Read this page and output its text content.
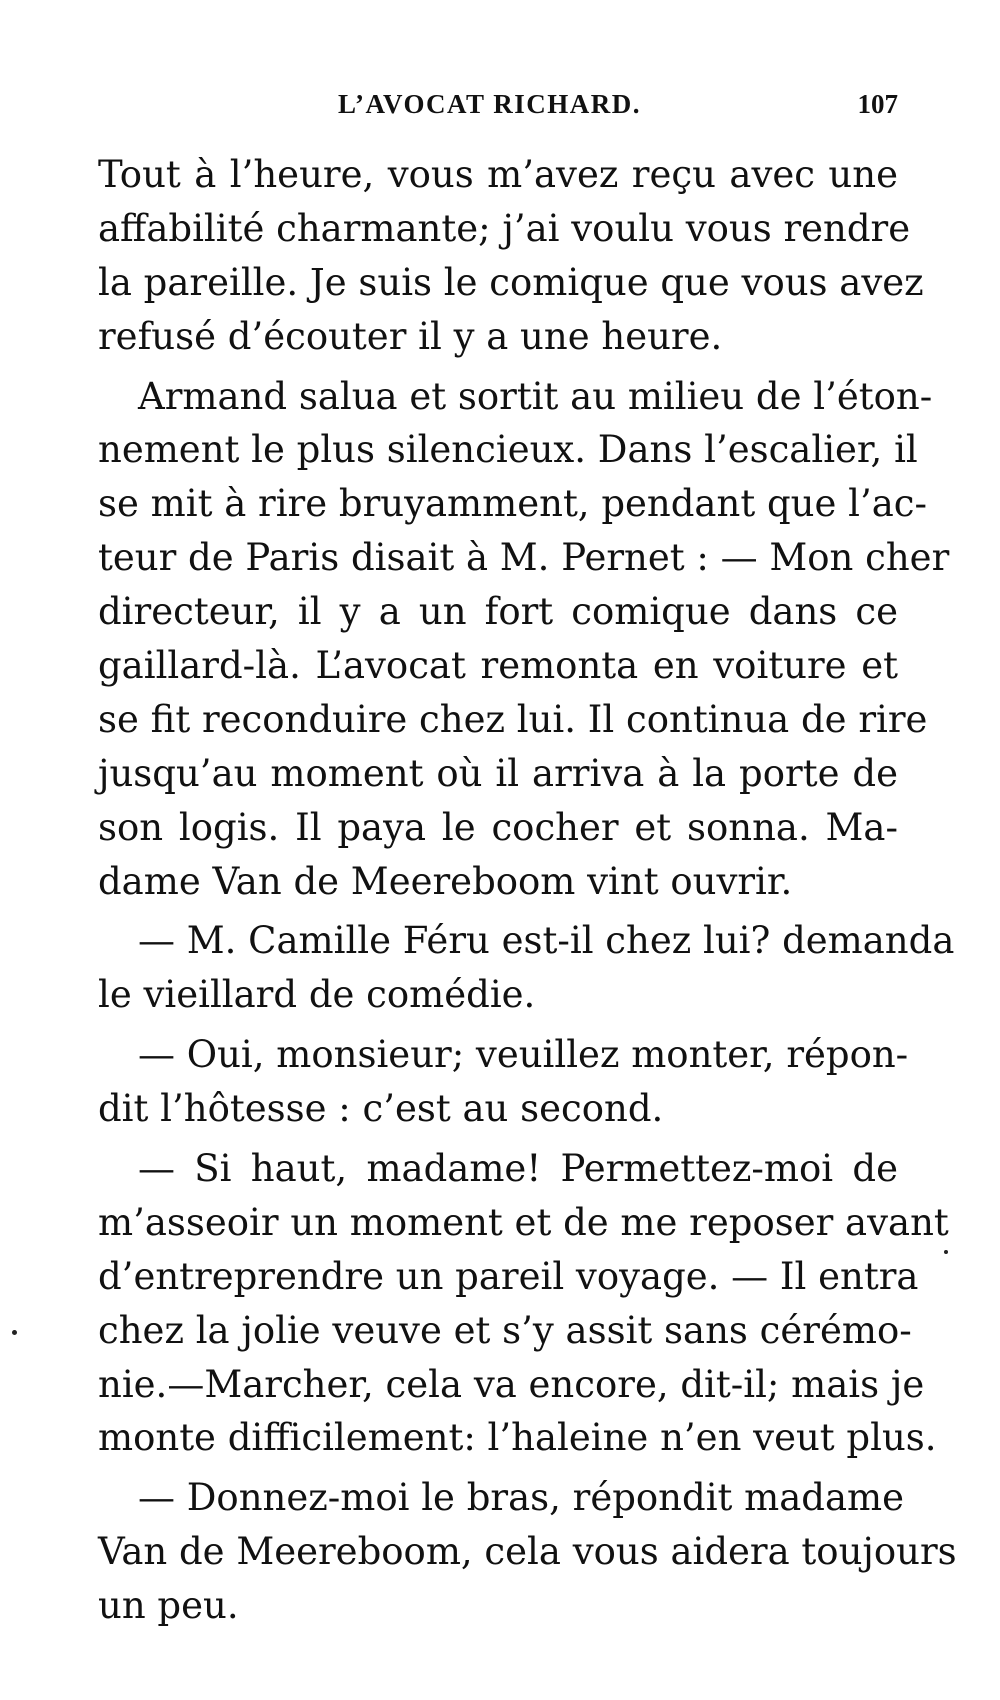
L’AVOCAT RICHARD.	107
Tout à l’heure, vous m’avez reçu avec une
affabilité charmante; j’ai voulu vous rendre
la pareille. Je suis le comique que vous avez
refusé d’écouter il y a une heure.
Armand salua et sortit au milieu de l’éton-
nement le plus silencieux. Dans l’escalier, il
se mit à rire bruyamment, pendant que l’ac-
teur de Paris disait à M. Pernet : — Mon cher
directeur, il y a un fort comique dans ce
gaillard-là. L’avocat remonta en voiture et
se fit reconduire chez lui. Il continua de rire
jusqu’au moment où il arriva à la porte de
son logis. Il paya le cocher et sonna. Ma-
dame Van de Meereboom vint ouvrir.
— M. Camille Féru est-il chez lui? demanda
le vieillard de comédie.
— Oui, monsieur; veuillez monter, répon-
dit l’hôtesse : c’est au second.
— Si haut, madame! Permettez-moi de
m’asseoir un moment et de me reposer avant
d’entreprendre un pareil voyage. — Il entra
chez la jolie veuve et s’y assit sans cérémo-
nie.—Marcher, cela va encore, dit-il; mais je
monte difficilement: l’haleine n’en veut plus.
— Donnez-moi le bras, répondit madame
Van de Meereboom, cela vous aidera toujours
un peu.
